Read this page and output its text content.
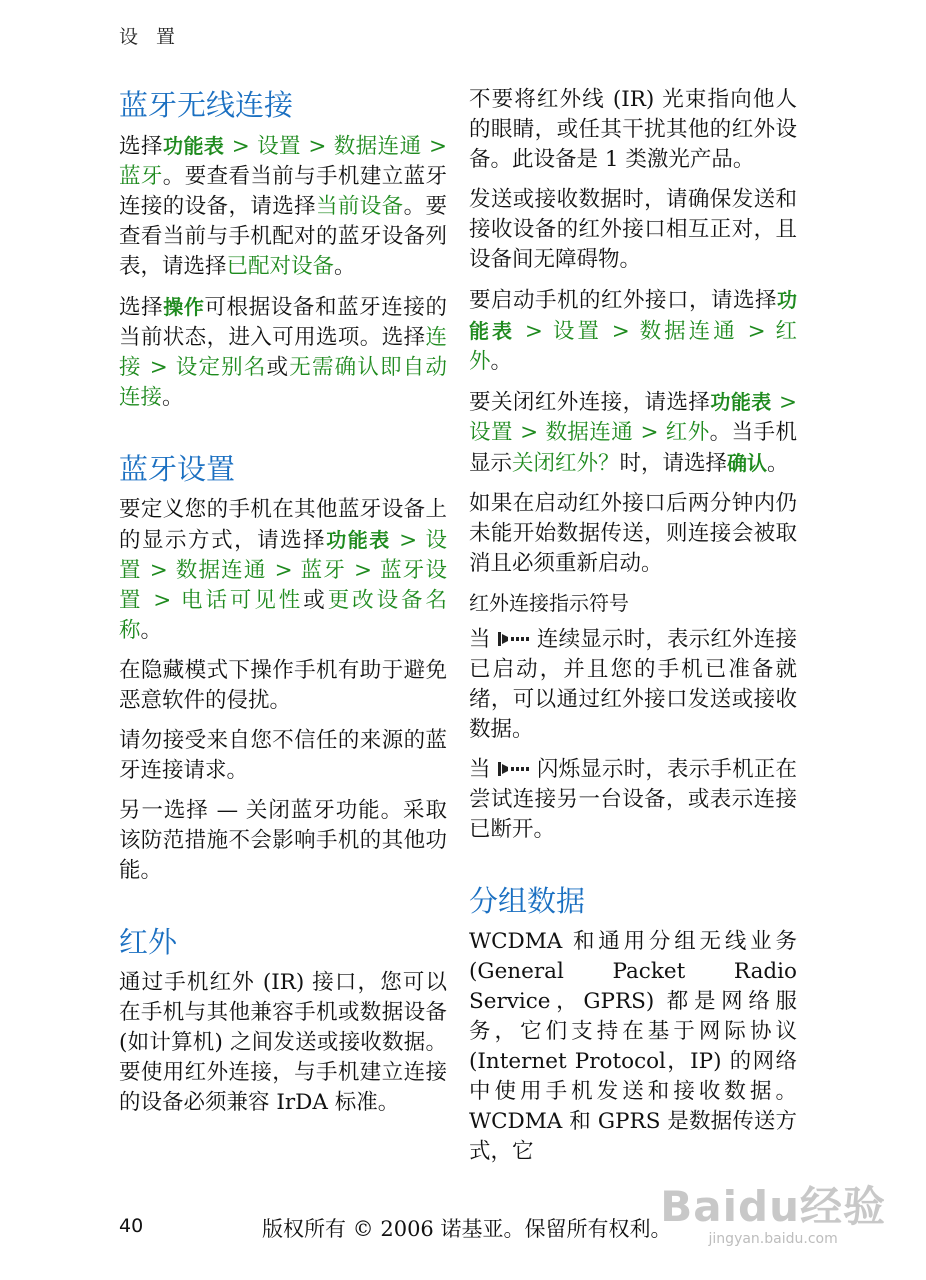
设 置
蓝牙无线连接

选择功能表 > 设置 > 数据连通 > 蓝牙。要查看当前与手机建立蓝牙连接的设备，请选择当前设备。要查看当前与手机配对的蓝牙设备列表，请选择已配对设备。

选择操作可根据设备和蓝牙连接的当前状态，进入可用选项。选择连接 > 设定别名或无需确认即自动连接。

蓝牙设置

要定义您的手机在其他蓝牙设备上的显示方式，请选择功能表 > 设置 > 数据连通 > 蓝牙 > 蓝牙设置 > 电话可见性或更改设备名称。

在隐藏模式下操作手机有助于避免恶意软件的侵扰。

请勿接受来自您不信任的来源的蓝牙连接请求。

另一选择 — 关闭蓝牙功能。采取该防范措施不会影响手机的其他功能。

红外

通过手机红外 (IR) 接口，您可以在手机与其他兼容手机或数据设备 (如计算机) 之间发送或接收数据。要使用红外连接，与手机建立连接的设备必须兼容 IrDA 标准。

不要将红外线 (IR) 光束指向他人的眼睛，或任其干扰其他的红外设备。此设备是 1 类激光产品。

发送或接收数据时，请确保发送和接收设备的红外接口相互正对，且设备间无障碍物。

要启动手机的红外接口，请选择功能表 > 设置 > 数据连通 > 红外。

要关闭红外连接，请选择功能表 > 设置 > 数据连通 > 红外。当手机显示关闭红外？时，请选择确认。

如果在启动红外接口后两分钟内仍未能开始数据传送，则连接会被取消且必须重新启动。

红外连接指示符号

当 连续显示时，表示红外连接已启动，并且您的手机已准备就绪，可以通过红外接口发送或接收数据。

当 闪烁显示时，表示手机正在尝试连接另一台设备，或表示连接已断开。

分组数据

WCDMA 和通用分组无线业务 (General Packet Radio Service，GPRS) 都是网络服务，它们支持在基于网际协议 (Internet Protocol，IP) 的网络中使用手机发送和接收数据。WCDMA 和 GPRS 是数据传送方式，它

40	版权所有 © 2006 诺基亚。保留所有权利。
Baidu经验
jingyan.baidu.com
